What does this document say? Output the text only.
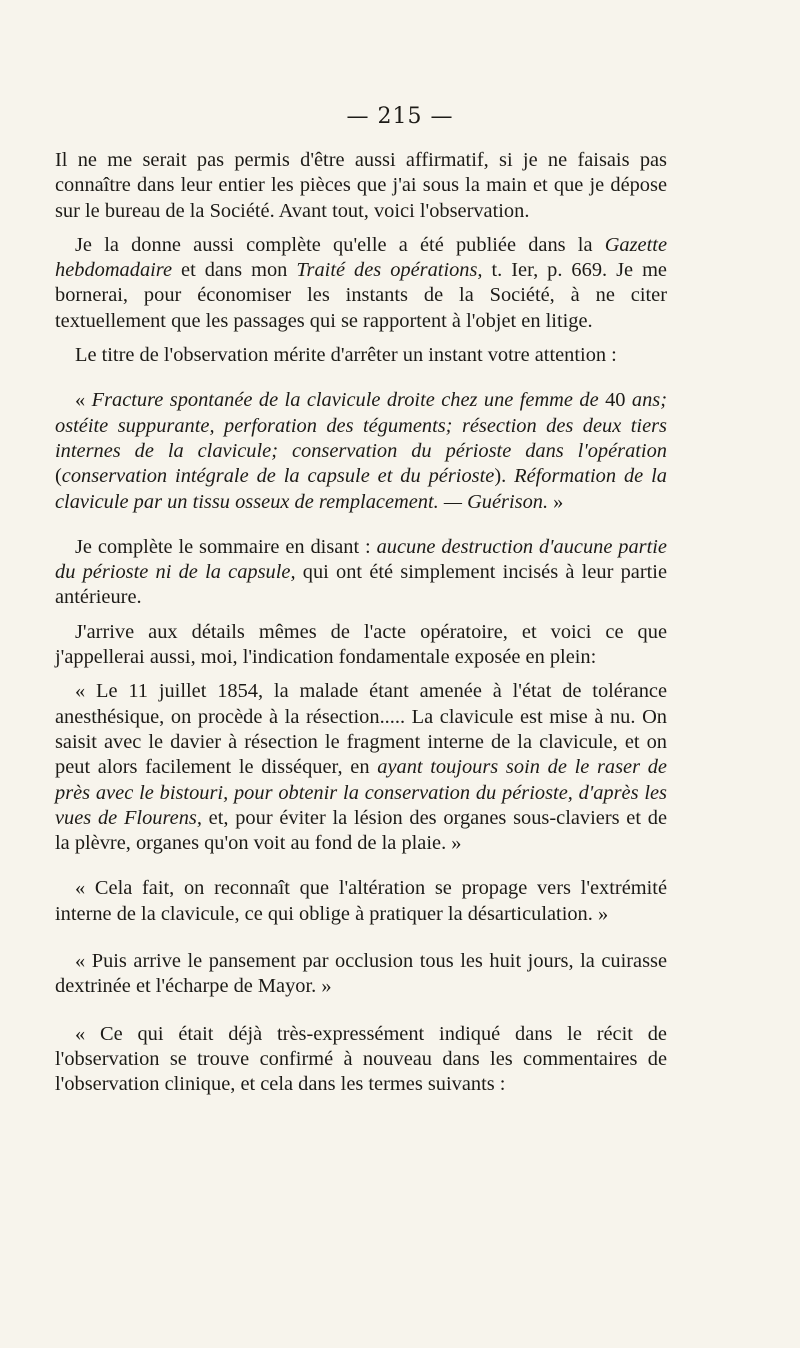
— 215 —

Il ne me serait pas permis d'être aussi affirmatif, si je ne faisais pas connaître dans leur entier les pièces que j'ai sous la main et que je dépose sur le bureau de la Société. Avant tout, voici l'observation.

Je la donne aussi complète qu'elle a été publiée dans la Gazette hebdomadaire et dans mon Traité des opérations, t. Ier, p. 669. Je me bornerai, pour économiser les instants de la Société, à ne citer textuellement que les passages qui se rapportent à l'objet en litige.

Le titre de l'observation mérite d'arrêter un instant votre attention :

« Fracture spontanée de la clavicule droite chez une femme de 40 ans; ostéite suppurante, perforation des téguments; résection des deux tiers internes de la clavicule; conservation du périoste dans l'opération (conservation intégrale de la capsule et du périoste). Réformation de la clavicule par un tissu osseux de remplacement. — Guérison. »

Je complète le sommaire en disant : aucune destruction d'aucune partie du périoste ni de la capsule, qui ont été simplement incisés à leur partie antérieure.

J'arrive aux détails mêmes de l'acte opératoire, et voici ce que j'appellerai aussi, moi, l'indication fondamentale exposée en plein:

« Le 11 juillet 1854, la malade étant amenée à l'état de tolérance anesthésique, on procède à la résection..... La clavicule est mise à nu. On saisit avec le davier à résection le fragment interne de la clavicule, et on peut alors facilement le disséquer, en ayant toujours soin de le raser de près avec le bistouri, pour obtenir la conservation du périoste, d'après les vues de Flourens, et, pour éviter la lésion des organes sous-claviers et de la plèvre, organes qu'on voit au fond de la plaie. »

« Cela fait, on reconnaît que l'altération se propage vers l'extrémité interne de la clavicule, ce qui oblige à pratiquer la désarticulation. »

« Puis arrive le pansement par occlusion tous les huit jours, la cuirasse dextrinée et l'écharpe de Mayor. »

« Ce qui était déjà très-expressément indiqué dans le récit de l'observation se trouve confirmé à nouveau dans les commentaires de l'observation clinique, et cela dans les termes suivants :
